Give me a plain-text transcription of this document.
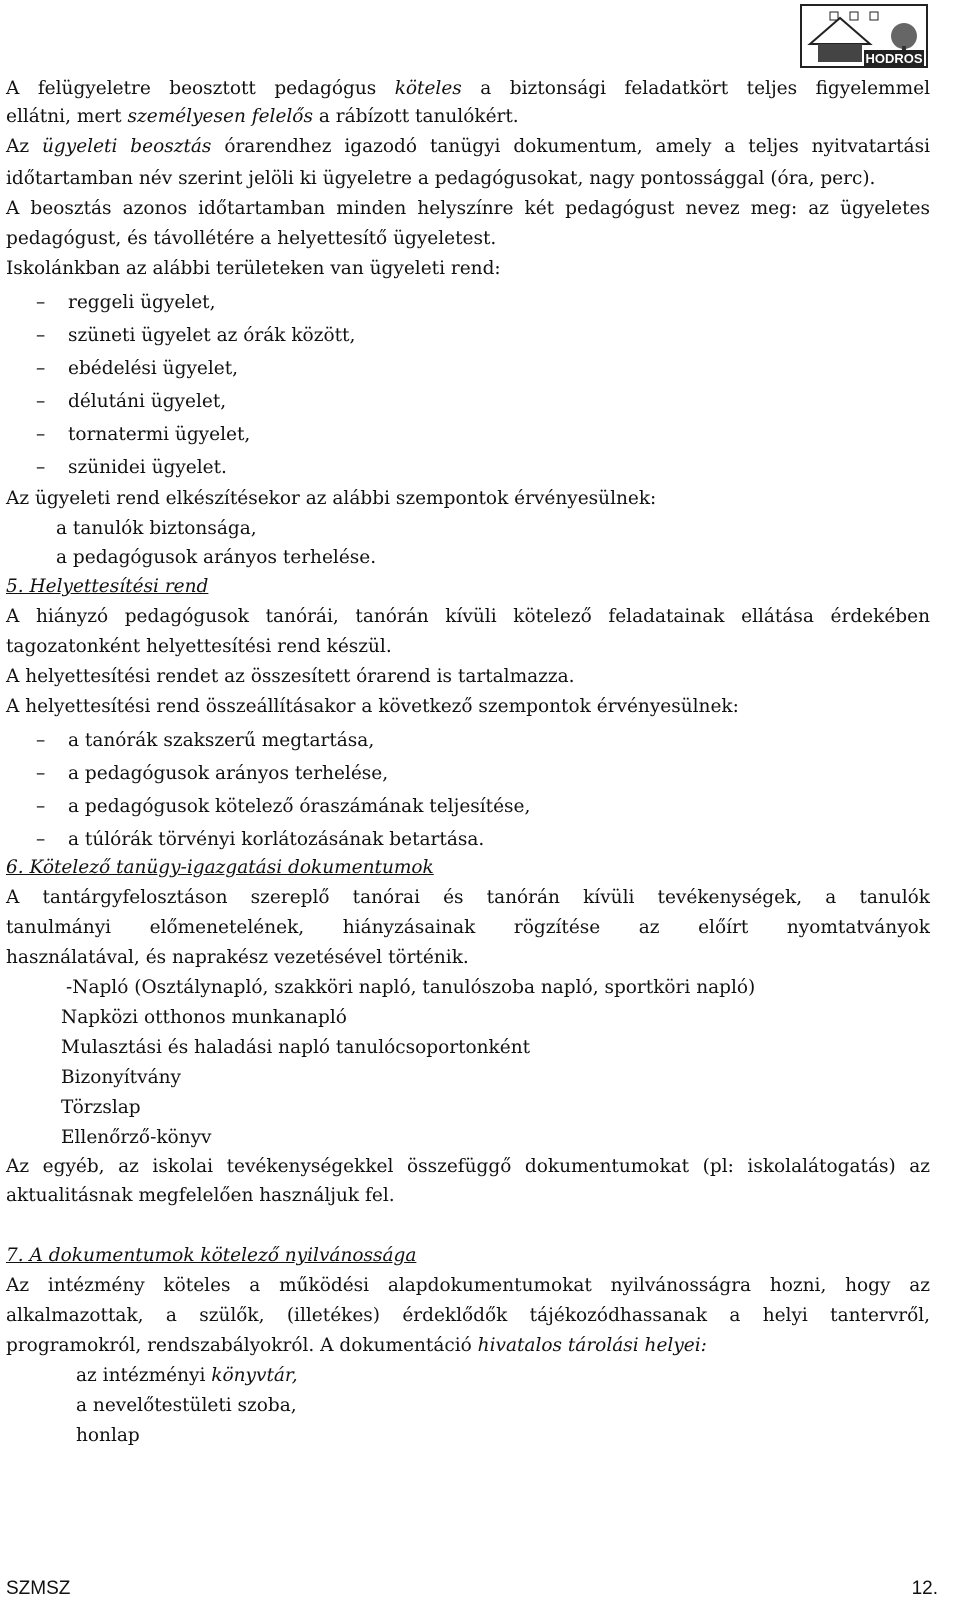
HODROS
A felügyeletre beosztott pedagógus köteles a biztonsági feladatkört teljes figyelemmel
ellátni, mert személyesen felelős a rábízott tanulókért.
Az ügyeleti beosztás órarendhez igazodó tanügyi dokumentum, amely a teljes nyitvatartási
időtartamban név szerint jelöli ki ügyeletre a pedagógusokat, nagy pontossággal (óra, perc).
A beosztás azonos időtartamban minden helyszínre két pedagógust nevez meg: az ügyeletes
pedagógust, és távollétére a helyettesítő ügyeletest.
Iskolánkban az alábbi területeken van ügyeleti rend:
– reggeli ügyelet,
– szüneti ügyelet az órák között,
– ebédelési ügyelet,
– délutáni ügyelet,
– tornatermi ügyelet,
– szünidei ügyelet.
Az ügyeleti rend elkészítésekor az alábbi szempontok érvényesülnek:
a tanulók biztonsága,
a pedagógusok arányos terhelése.
5. Helyettesítési rend
A hiányzó pedagógusok tanórái, tanórán kívüli kötelező feladatainak ellátása érdekében
tagozatonként helyettesítési rend készül.
A helyettesítési rendet az összesített órarend is tartalmazza.
A helyettesítési rend összeállításakor a következő szempontok érvényesülnek:
– a tanórák szakszerű megtartása,
– a pedagógusok arányos terhelése,
– a pedagógusok kötelező óraszámának teljesítése,
– a túlórák törvényi korlátozásának betartása.
6. Kötelező tanügy-igazgatási dokumentumok
A tantárgyfelosztáson szereplő tanórai és tanórán kívüli tevékenységek, a tanulók
tanulmányi előmenetelének, hiányzásainak rögzítése az előírt nyomtatványok
használatával, és naprakész vezetésével történik.
-Napló (Osztálynapló, szakköri napló, tanulószoba napló, sportköri napló)
Napközi otthonos munkanapló
Mulasztási és haladási napló tanulócsoportonként
Bizonyítvány
Törzslap
Ellenőrző-könyv
Az egyéb, az iskolai tevékenységekkel összefüggő dokumentumokat (pl: iskolalátogatás) az
aktualitásnak megfelelően használjuk fel.
7. A dokumentumok kötelező nyilvánossága
Az intézmény köteles a működési alapdokumentumokat nyilvánosságra hozni, hogy az
alkalmazottak, a szülők, (illetékes) érdeklődők tájékozódhassanak a helyi tantervről,
programokról, rendszabályokról. A dokumentáció hivatalos tárolási helyei:
az intézményi könyvtár,
a nevelőtestületi szoba,
honlap
SZMSZ	12.
